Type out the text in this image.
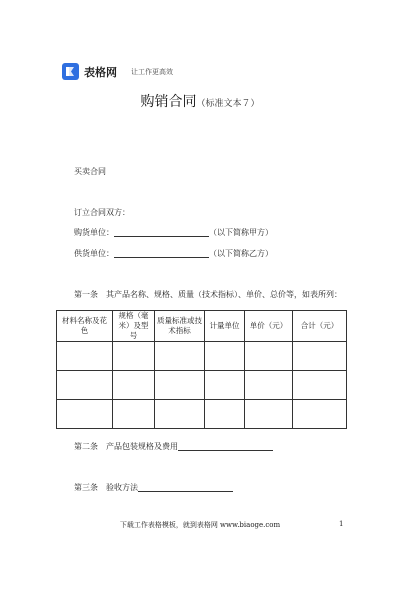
表格网 让工作更高效
购销合同（标准文本７）
买卖合同
订立合同双方：
购货单位：	（以下简称甲方）
供货单位：	（以下简称乙方）
第一条　其产品名称、规格、质量（技术指标）、单价、总价等，如表所列：
材料名称及花色	规格（毫米）及型号	质量标准或技术指标	计量单位	单价（元）	合计（元）

第二条　产品包装规格及费用
第三条　验收方法
下载工作表格模板，就到表格网 www.biaoge.com	1
